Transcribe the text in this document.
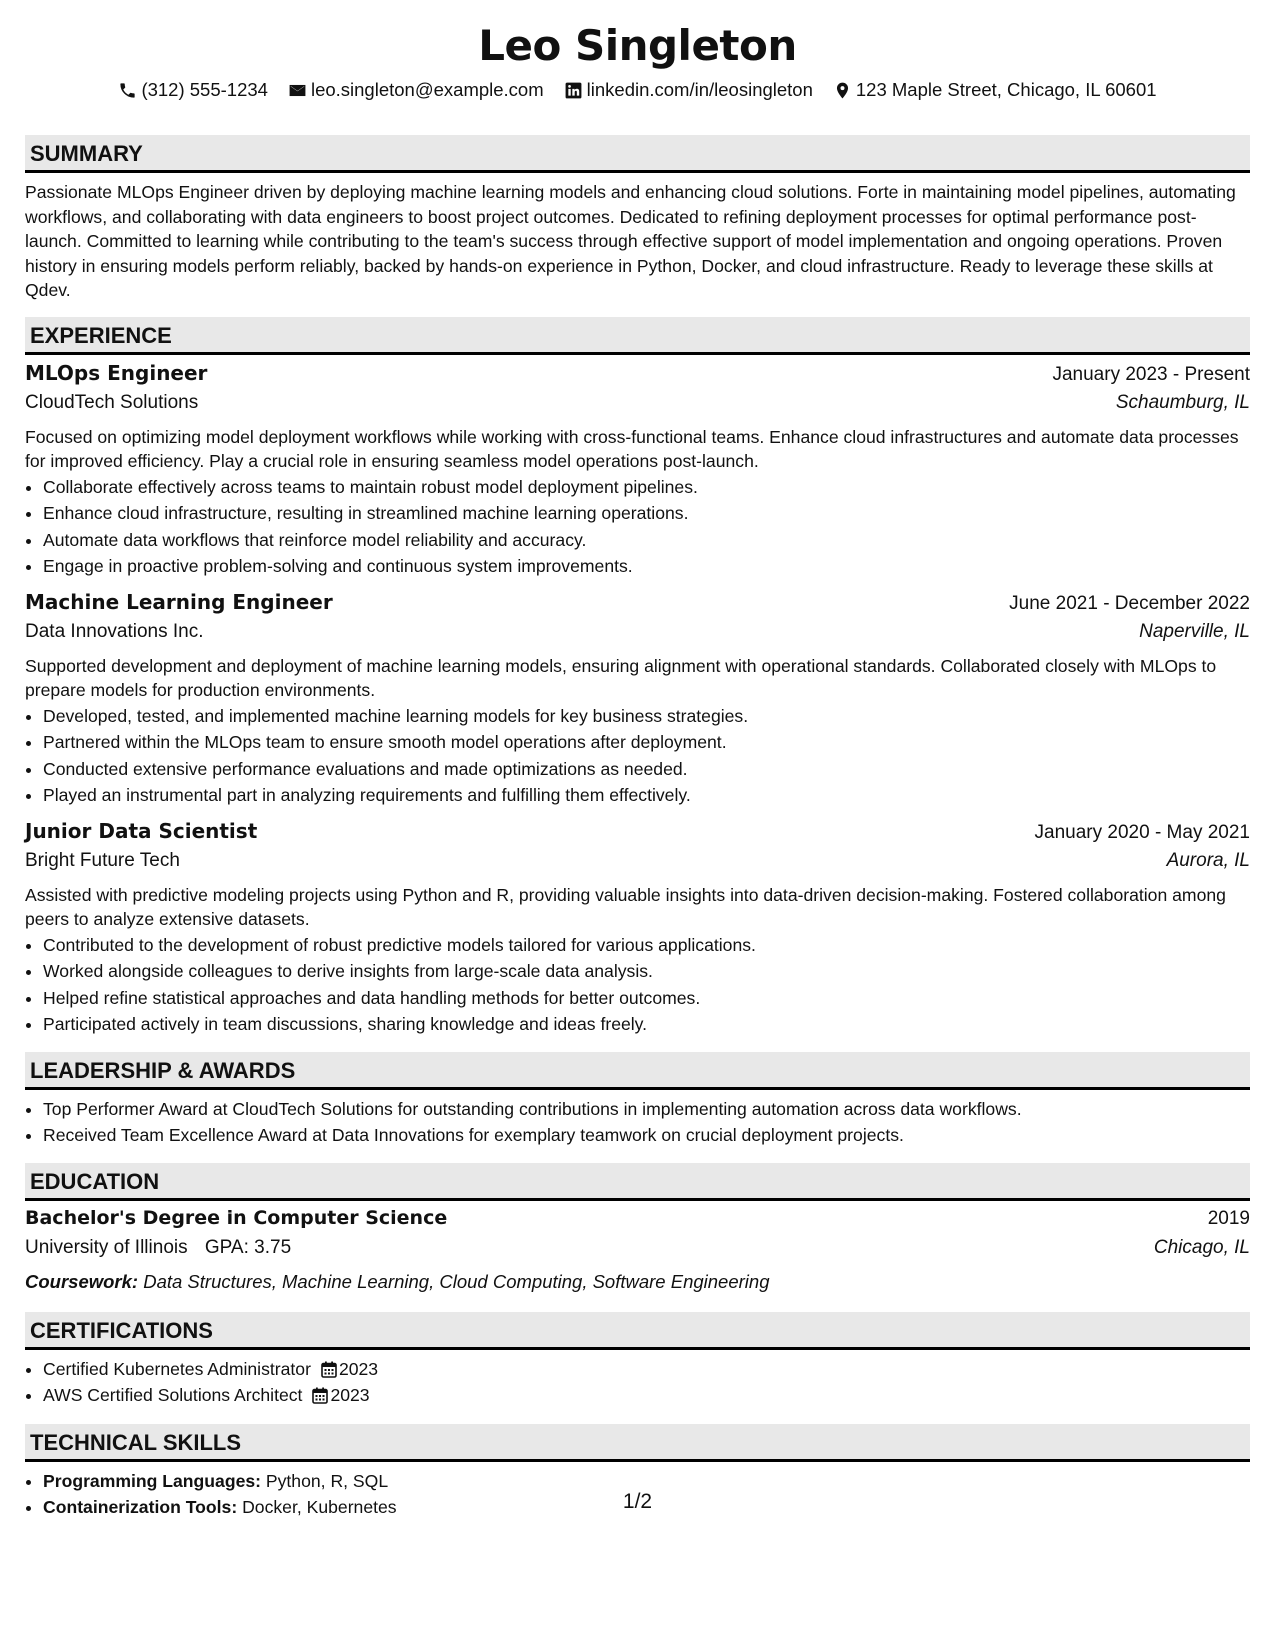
Leo Singleton
(312) 555-1234 leo.singleton@example.com linkedin.com/in/leosingleton 123 Maple Street, Chicago, IL 60601
SUMMARY

Passionate MLOps Engineer driven by deploying machine learning models and enhancing cloud solutions. Forte in maintaining model pipelines, automating workflows, and collaborating with data engineers to boost project outcomes. Dedicated to refining deployment processes for optimal performance post-launch. Committed to learning while contributing to the team's success through effective support of model implementation and ongoing operations. Proven history in ensuring models perform reliably, backed by hands-on experience in Python, Docker, and cloud infrastructure. Ready to leverage these skills at Qdev.

EXPERIENCE
MLOps Engineer	January 2023 - Present
CloudTech Solutions	Schaumburg, IL

Focused on optimizing model deployment workflows while working with cross-functional teams. Enhance cloud infrastructures and automate data processes for improved efficiency. Play a crucial role in ensuring seamless model operations post-launch.

• Collaborate effectively across teams to maintain robust model deployment pipelines.
• Enhance cloud infrastructure, resulting in streamlined machine learning operations.
• Automate data workflows that reinforce model reliability and accuracy.
• Engage in proactive problem-solving and continuous system improvements.
Machine Learning Engineer	June 2021 - December 2022
Data Innovations Inc.	Naperville, IL

Supported development and deployment of machine learning models, ensuring alignment with operational standards. Collaborated closely with MLOps to prepare models for production environments.

• Developed, tested, and implemented machine learning models for key business strategies.
• Partnered within the MLOps team to ensure smooth model operations after deployment.
• Conducted extensive performance evaluations and made optimizations as needed.
• Played an instrumental part in analyzing requirements and fulfilling them effectively.
Junior Data Scientist	January 2020 - May 2021
Bright Future Tech	Aurora, IL

Assisted with predictive modeling projects using Python and R, providing valuable insights into data-driven decision-making. Fostered collaboration among peers to analyze extensive datasets.

• Contributed to the development of robust predictive models tailored for various applications.
• Worked alongside colleagues to derive insights from large-scale data analysis.
• Helped refine statistical approaches and data handling methods for better outcomes.
• Participated actively in team discussions, sharing knowledge and ideas freely.
LEADERSHIP & AWARDS
• Top Performer Award at CloudTech Solutions for outstanding contributions in implementing automation across data workflows.
• Received Team Excellence Award at Data Innovations for exemplary teamwork on crucial deployment projects.
EDUCATION
Bachelor's Degree in Computer Science	2019
University of Illinois GPA: 3.75	Chicago, IL
Coursework: Data Structures, Machine Learning, Cloud Computing, Software Engineering
CERTIFICATIONS
• Certified Kubernetes Administrator 2023
• AWS Certified Solutions Architect 2023
TECHNICAL SKILLS
• Programming Languages: Python, R, SQL
• Containerization Tools: Docker, Kubernetes	1/2
